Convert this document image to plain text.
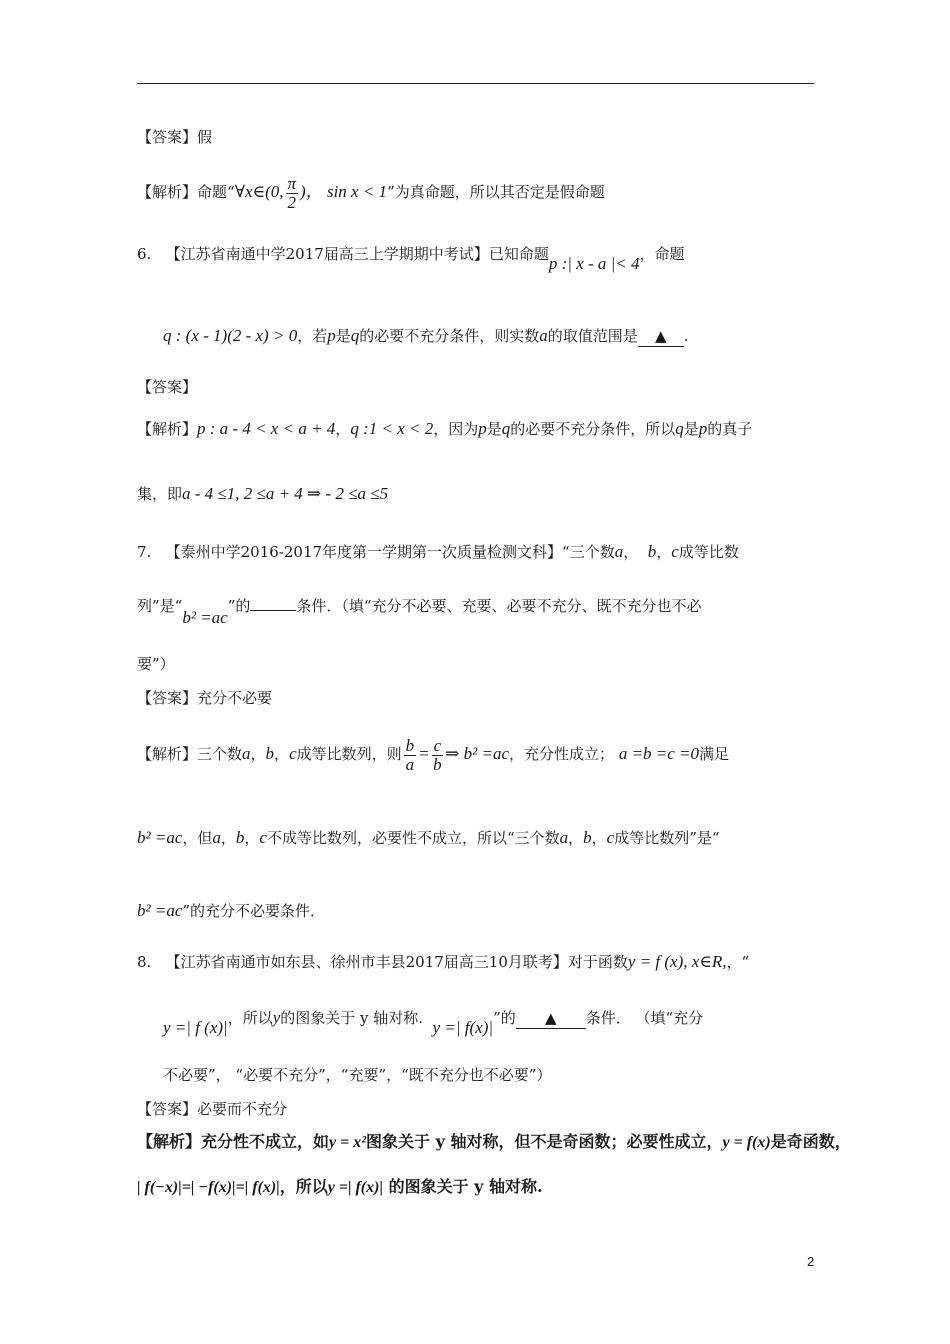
【答案】假
【解析】命题“∀x∈(0, $\frac{\pi}{2}$ )， sin x < 1”为真命题，所以其否定是假命题
6. 【江苏省南通中学2017届高三上学期期中考试】已知命题p :| x - a |< 4，命题
q : (x - 1)(2 - x) > 0，若p是q的必要不充分条件，则实数a的取值范围是 ▲ .
【答案】
【解析】p : a - 4 < x < a + 4，q :1 < x < 2，因为p是q的必要不充分条件，所以q是p的真子
集，即a - 4 ≤1, 2 ≤a + 4 ⇒ - 2 ≤a ≤5
7. 【泰州中学2016-2017年度第一学期第一次质量检测文科】“三个数a， b，c成等比数
列”是“b² =ac”的	条件．（填“充分不必要、充要、必要不充分、既不充分也不必
要”）
【答案】充分不必要
【解析】三个数a，b，c成等比数列，则 $\frac{b}{a} = \frac{c}{b}$ ⇒ b² =ac，充分性成立； a =b =c =0满足
b² =ac，但a，b，c不成等比数列，必要性不成立，所以“三个数a，b，c成等比数列”是“
b² =ac”的充分不必要条件．
8. 【江苏省南通市如东县、徐州市丰县2017届高三10月联考】对于函数y = f (x), x∈R,，“
y =| f (x)|，所以y的图象关于 y 轴对称. y =| f(x)|”的 ▲ 条件． （填“充分
不必要”， “必要不充分”，“充要”，“既不充分也不必要”）
【答案】必要而不充分
【解析】充分性不成立，如y = x²图象关于 y 轴对称，但不是奇函数；必要性成立，y = f(x)是奇函数，
| f(−x)|=| −f(x)|=| f(x)|，所以y =| f(x)| 的图象关于 y 轴对称.
2
